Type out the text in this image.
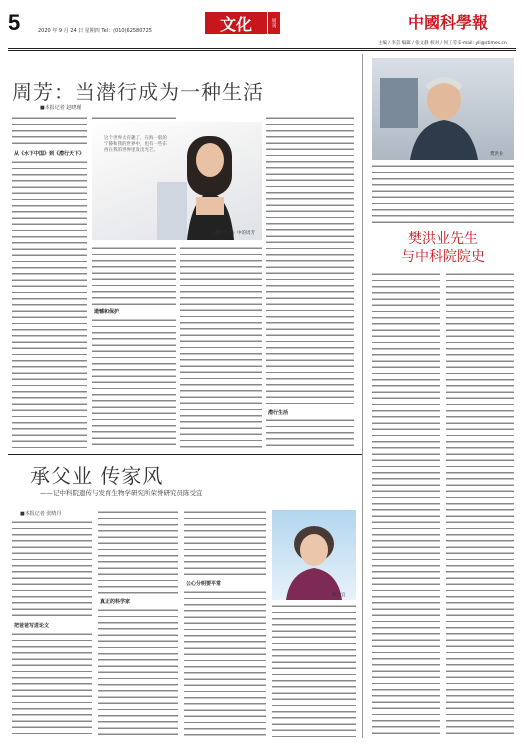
5	2020 年 9 月 24 日 星期四 Tel：(010)62580725	文化	周刊	中國科學報
主编 / 李芸 编辑 / 张文静 校对 / 何工劳 E-mail: yli@stimes.cn
周芳：当潜行成为一种生活
■本报记者 赵晓瑾
从《水下中国》到《潜行天下》
这个世界太有趣了，在海一般的宁静和我的世界中，也有一些东西在我的世界里发出光芒。
《潜行天下》中的周芳
遗憾和保护
潜行生活
樊洪业
樊洪业先生
与中科院院史
承父业 传家风
——记中科院遗传与发育生物学研究所荣誉研究员陈受宜
■本报记者 张晴丹
把爸爸写进论文
真正的科学家
公心分明要平常
陈受宜
